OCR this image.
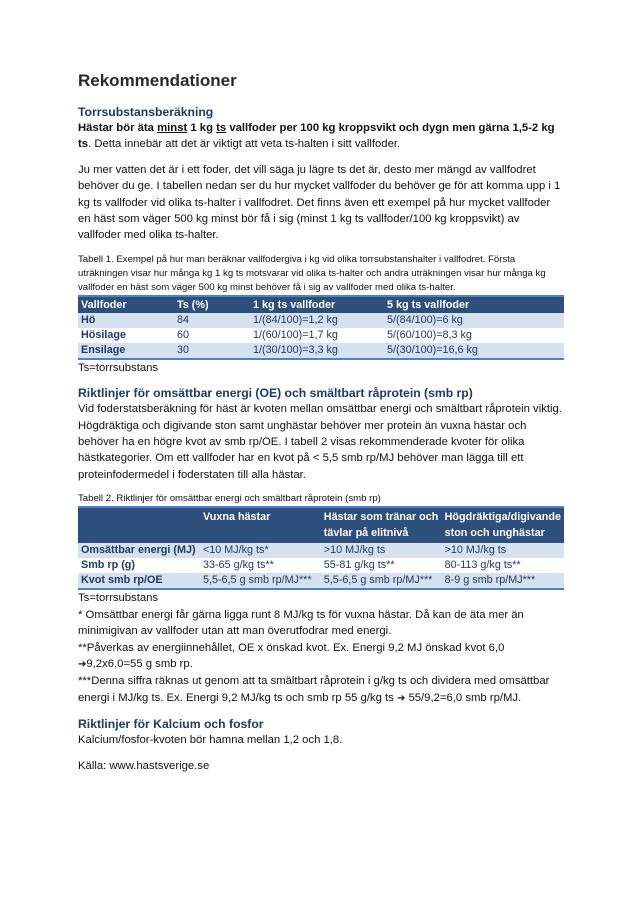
Rekommendationer
Torrsubstansberäkning

Hästar bör äta minst 1 kg ts vallfoder per 100 kg kroppsvikt och dygn men gärna 1,5-2 kg ts. Detta innebär att det är viktigt att veta ts-halten i sitt vallfoder.

Ju mer vatten det är i ett foder, det vill säga ju lägre ts det är, desto mer mängd av vallfodret behöver du ge. I tabellen nedan ser du hur mycket vallfoder du behöver ge för att komma upp i 1 kg ts vallfoder vid olika ts-halter i vallfodret. Det finns även ett exempel på hur mycket vallfoder en häst som väger 500 kg minst bör få i sig (minst 1 kg ts vallfoder/100 kg kroppsvikt) av vallfoder med olika ts-halter.

Tabell 1. Exempel på hur man beräknar vallfodergiva i kg vid olika torrsubstanshalter i vallfodret. Första uträkningen visar hur många kg 1 kg ts motsvarar vid olika ts-halter och andra uträkningen visar hur många kg vallfoder en häst som väger 500 kg minst behöver få i sig av vallfoder med olika ts-halter.

Vallfoder	Ts (%)	1 kg ts vallfoder	5 kg ts vallfoder
Hö	84	1/(84/100)=1,2 kg	5/(84/100)=6 kg
Hösilage	60	1/(60/100)=1,7 kg	5/(60/100)=8,3 kg
Ensilage	30	1/(30/100)=3,3 kg	5/(30/100)=16,6 kg

Ts=torrsubstans

Riktlinjer för omsättbar energi (OE) och smältbart råprotein (smb rp)

Vid foderstatsberäkning för häst är kvoten mellan omsättbar energi och smältbart råprotein viktig. Högdräktiga och digivande ston samt unghästar behöver mer protein än vuxna hästar och behöver ha en högre kvot av smb rp/OE. I tabell 2 visas rekommenderade kvoter för olika hästkategorier. Om ett vallfoder har en kvot på < 5,5 smb rp/MJ behöver man lägga till ett proteinfodermedel i foderstaten till alla hästar.

Tabell 2. Riktlinjer för omsättbar energi och smältbart råprotein (smb rp)

	Vuxna hästar	Hästar som tränar och tävlar på elitnivå	Högdräktiga/digivande ston och unghästar
Omsättbar energi (MJ)	<10 MJ/kg ts*	>10 MJ/kg ts	>10 MJ/kg ts
Smb rp (g)	33-65 g/kg ts**	55-81 g/kg ts**	80-113 g/kg ts**
Kvot smb rp/OE	5,5-6,5 g smb rp/MJ***	5,5-6,5 g smb rp/MJ***	8-9 g smb rp/MJ***

Ts=torrsubstans

* Omsättbar energi får gärna ligga runt 8 MJ/kg ts för vuxna hästar. Då kan de äta mer än minimigivan av vallfoder utan att man överutfodrar med energi.

**Påverkas av energiinnehållet, OE x önskad kvot. Ex. Energi 9,2 MJ önskad kvot 6,0 ➔9,2x6,0=55 g smb rp.

***Denna siffra räknas ut genom att ta smältbart råprotein i g/kg ts och dividera med omsättbar energi i MJ/kg ts. Ex. Energi 9,2 MJ/kg ts och smb rp 55 g/kg ts ➔ 55/9,2=6,0 smb rp/MJ.

Riktlinjer för Kalcium och fosfor

Kalcium/fosfor-kvoten bör hamna mellan 1,2 och 1,8.

Källa: www.hastsverige.se
